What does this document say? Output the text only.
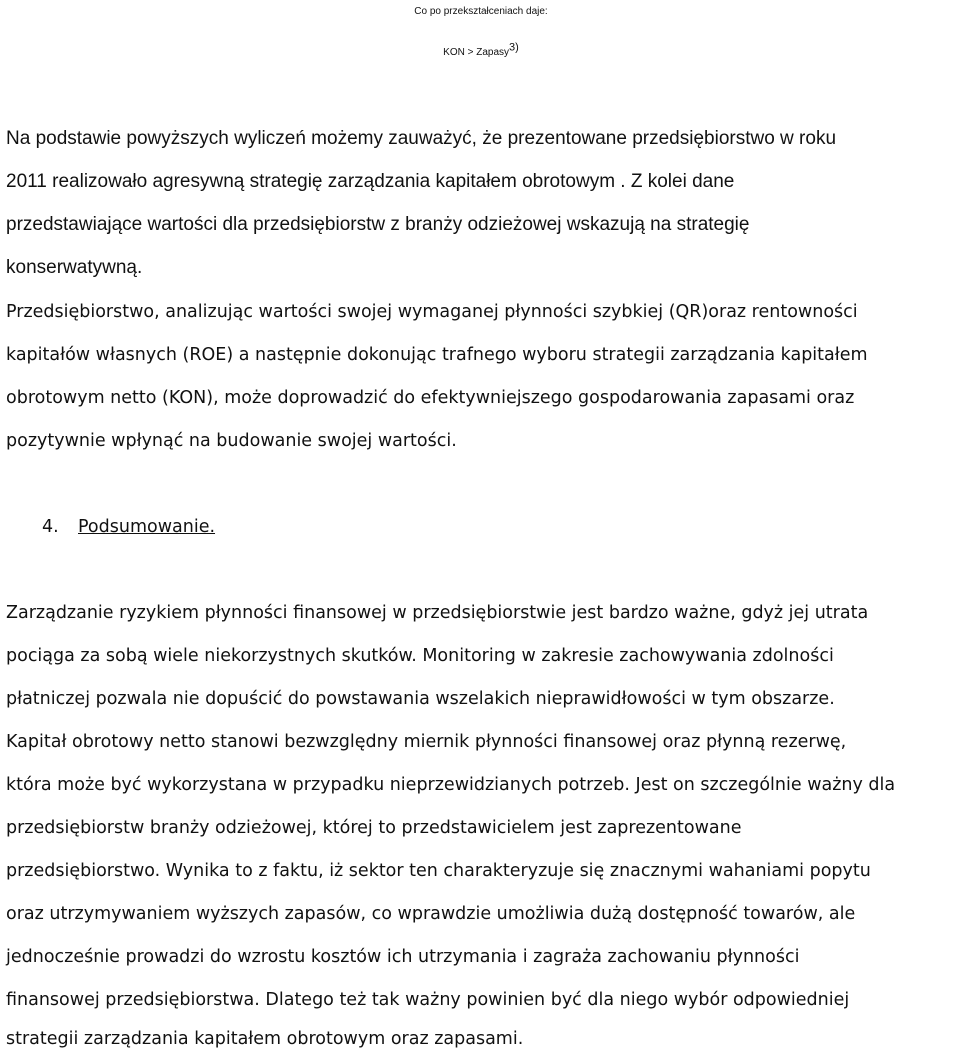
Co po przekształceniach daje:
KON > Zapasy$^{3)}$
Na podstawie powyższych wyliczeń możemy zauważyć, że prezentowane przedsiębiorstwo w roku
2011 realizowało agresywną strategię zarządzania kapitałem obrotowym . Z kolei dane
przedstawiające wartości dla przedsiębiorstw z branży odzieżowej wskazują na strategię
konserwatywną.
Przedsiębiorstwo, analizując wartości swojej wymaganej płynności szybkiej (QR)oraz rentowności
kapitałów własnych (ROE) a następnie dokonując trafnego wyboru strategii zarządzania kapitałem
obrotowym netto (KON), może doprowadzić do efektywniejszego gospodarowania zapasami oraz
pozytywnie wpłynąć na budowanie swojej wartości.
4. Podsumowanie.
Zarządzanie ryzykiem płynności finansowej w przedsiębiorstwie jest bardzo ważne, gdyż jej utrata
pociąga za sobą wiele niekorzystnych skutków. Monitoring w zakresie zachowywania zdolności
płatniczej pozwala nie dopuścić do powstawania wszelakich nieprawidłowości w tym obszarze.
Kapitał obrotowy netto stanowi bezwzględny miernik płynności finansowej oraz płynną rezerwę,
która może być wykorzystana w przypadku nieprzewidzianych potrzeb. Jest on szczególnie ważny dla
przedsiębiorstw branży odzieżowej, której to przedstawicielem jest zaprezentowane
przedsiębiorstwo. Wynika to z faktu, iż sektor ten charakteryzuje się znacznymi wahaniami popytu
oraz utrzymywaniem wyższych zapasów, co wprawdzie umożliwia dużą dostępność towarów, ale
jednocześnie prowadzi do wzrostu kosztów ich utrzymania i zagraża zachowaniu płynności
finansowej przedsiębiorstwa. Dlatego też tak ważny powinien być dla niego wybór odpowiedniej
strategii zarządzania kapitałem obrotowym oraz zapasami.
